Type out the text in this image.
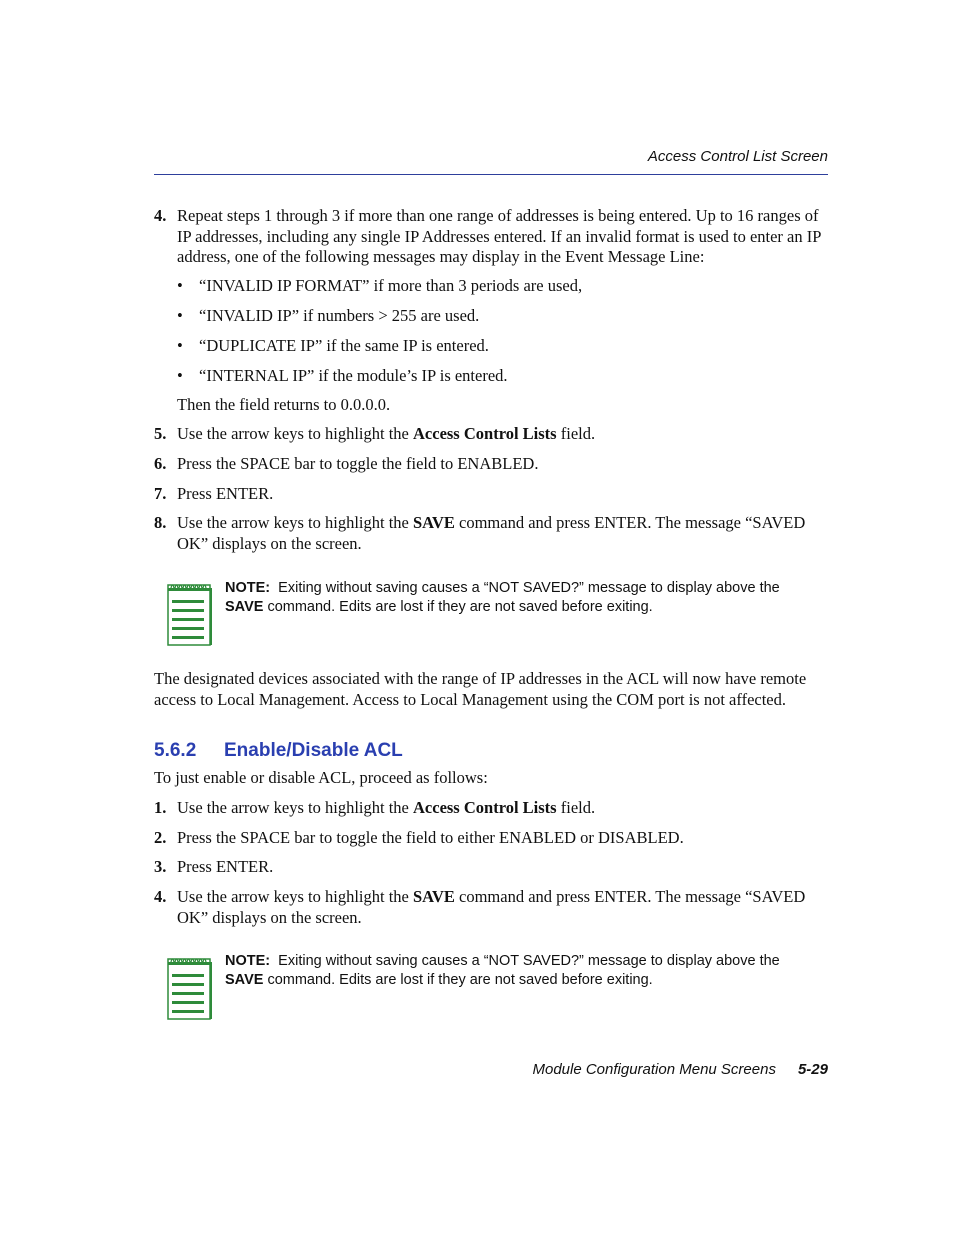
Access Control List Screen
4. Repeat steps 1 through 3 if more than one range of addresses is being entered. Up to 16 ranges of IP addresses, including any single IP Addresses entered. If an invalid format is used to enter an IP address, one of the following messages may display in the Event Message Line:
• “INVALID IP FORMAT” if more than 3 periods are used,
• “INVALID IP” if numbers > 255 are used.
• “DUPLICATE IP” if the same IP is entered.
• “INTERNAL IP” if the module’s IP is entered.
Then the field returns to 0.0.0.0.
5. Use the arrow keys to highlight the Access Control Lists field.
6. Press the SPACE bar to toggle the field to ENABLED.
7. Press ENTER.
8. Use the arrow keys to highlight the SAVE command and press ENTER. The message “SAVED OK” displays on the screen.
NOTE: Exiting without saving causes a “NOT SAVED?” message to display above the
SAVE command. Edits are lost if they are not saved before exiting.
The designated devices associated with the range of IP addresses in the ACL will now have remote access to Local Management. Access to Local Management using the COM port is not affected.
5.6.2 Enable/Disable ACL
To just enable or disable ACL, proceed as follows:
1. Use the arrow keys to highlight the Access Control Lists field.
2. Press the SPACE bar to toggle the field to either ENABLED or DISABLED.
3. Press ENTER.
4. Use the arrow keys to highlight the SAVE command and press ENTER. The message “SAVED OK” displays on the screen.
NOTE: Exiting without saving causes a “NOT SAVED?” message to display above the
SAVE command. Edits are lost if they are not saved before exiting.
Module Configuration Menu Screens 5-29
